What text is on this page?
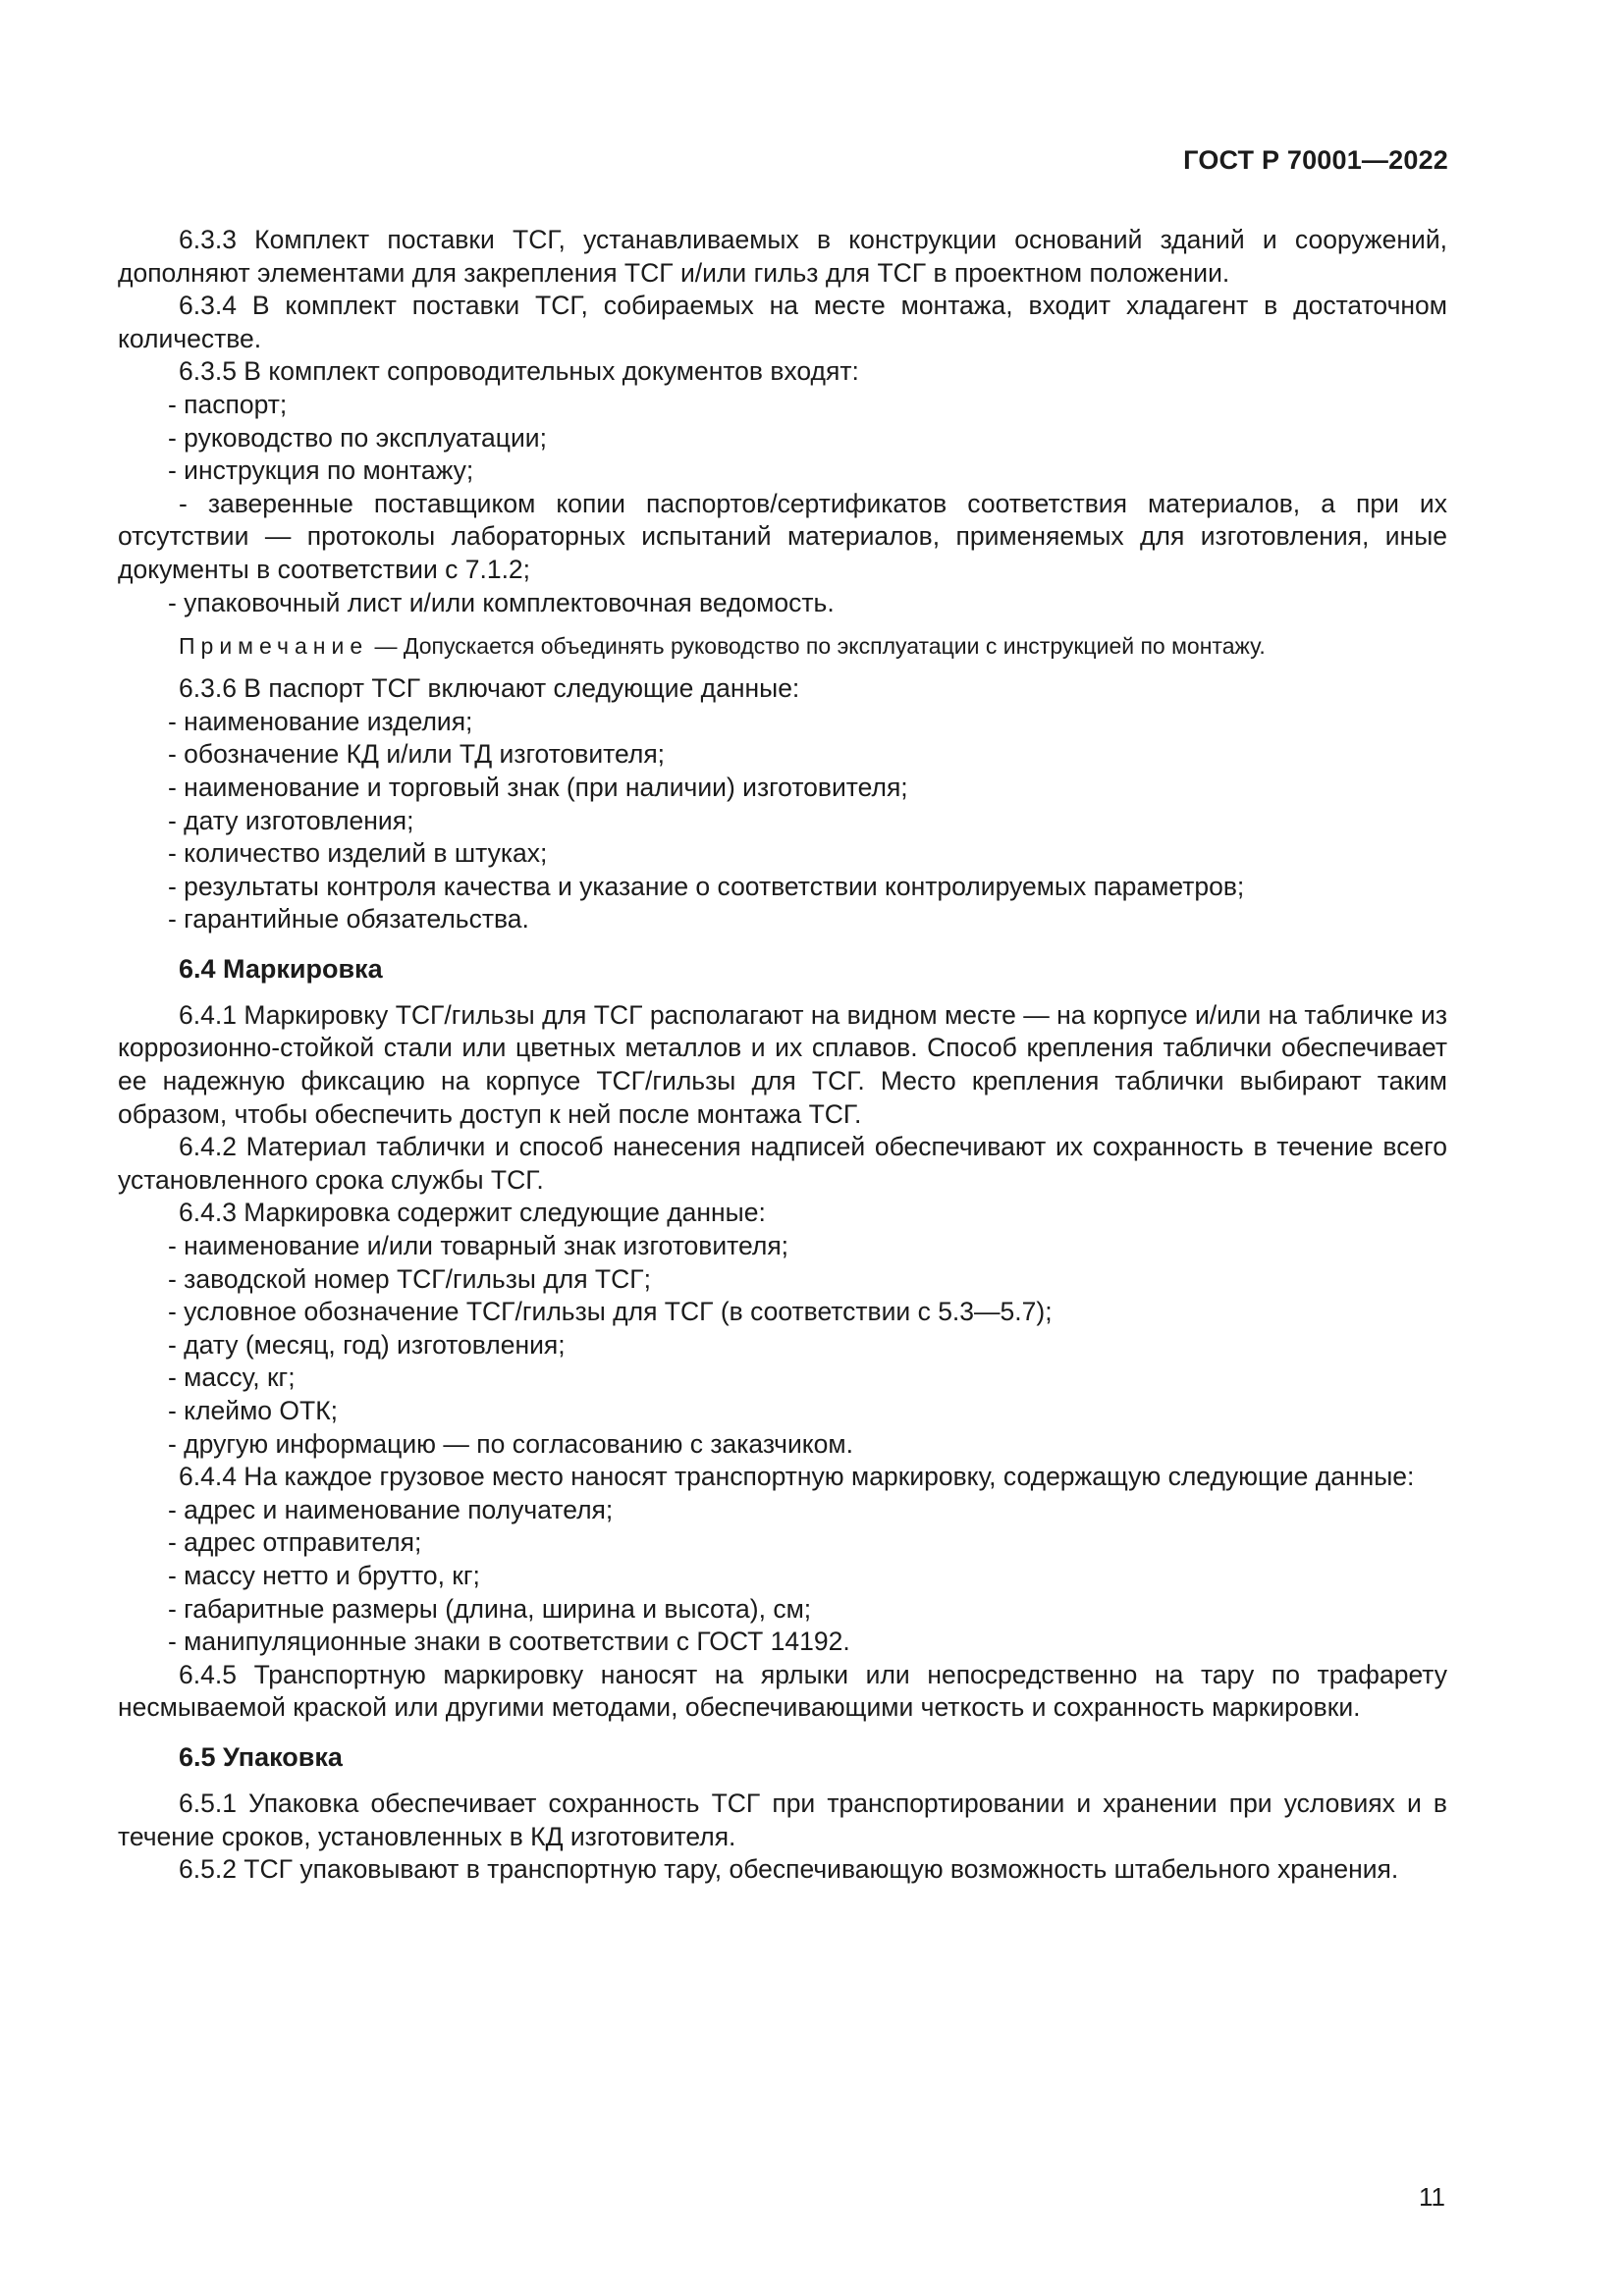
ГОСТ Р 70001—2022

6.3.3 Комплект поставки ТСГ, устанавливаемых в конструкции оснований зданий и сооружений, дополняют элементами для закрепления ТСГ и/или гильз для ТСГ в проектном положении.

6.3.4 В комплект поставки ТСГ, собираемых на месте монтажа, входит хладагент в достаточном количестве.

6.3.5 В комплект сопроводительных документов входят:

- паспорт;

- руководство по эксплуатации;

- инструкция по монтажу;

- заверенные поставщиком копии паспортов/сертификатов соответствия материалов, а при их отсутствии — протоколы лабораторных испытаний материалов, применяемых для изготовления, иные документы в соответствии с 7.1.2;

- упаковочный лист и/или комплектовочная ведомость.

Примечание — Допускается объединять руководство по эксплуатации с инструкцией по монтажу.

6.3.6 В паспорт ТСГ включают следующие данные:

- наименование изделия;

- обозначение КД и/или ТД изготовителя;

- наименование и торговый знак (при наличии) изготовителя;

- дату изготовления;

- количество изделий в штуках;

- результаты контроля качества и указание о соответствии контролируемых параметров;

- гарантийные обязательства.

6.4 Маркировка

6.4.1 Маркировку ТСГ/гильзы для ТСГ располагают на видном месте — на корпусе и/или на табличке из коррозионно-стойкой стали или цветных металлов и их сплавов. Способ крепления таблички обеспечивает ее надежную фиксацию на корпусе ТСГ/гильзы для ТСГ. Место крепления таблички выбирают таким образом, чтобы обеспечить доступ к ней после монтажа ТСГ.

6.4.2 Материал таблички и способ нанесения надписей обеспечивают их сохранность в течение всего установленного срока службы ТСГ.

6.4.3 Маркировка содержит следующие данные:

- наименование и/или товарный знак изготовителя;

- заводской номер ТСГ/гильзы для ТСГ;

- условное обозначение ТСГ/гильзы для ТСГ (в соответствии с 5.3—5.7);

- дату (месяц, год) изготовления;

- массу, кг;

- клеймо ОТК;

- другую информацию — по согласованию с заказчиком.

6.4.4 На каждое грузовое место наносят транспортную маркировку, содержащую следующие данные:

- адрес и наименование получателя;

- адрес отправителя;

- массу нетто и брутто, кг;

- габаритные размеры (длина, ширина и высота), см;

- манипуляционные знаки в соответствии с ГОСТ 14192.

6.4.5 Транспортную маркировку наносят на ярлыки или непосредственно на тару по трафарету несмываемой краской или другими методами, обеспечивающими четкость и сохранность маркировки.

6.5 Упаковка

6.5.1 Упаковка обеспечивает сохранность ТСГ при транспортировании и хранении при условиях и в течение сроков, установленных в КД изготовителя.

6.5.2 ТСГ упаковывают в транспортную тару, обеспечивающую возможность штабельного хранения.

11
